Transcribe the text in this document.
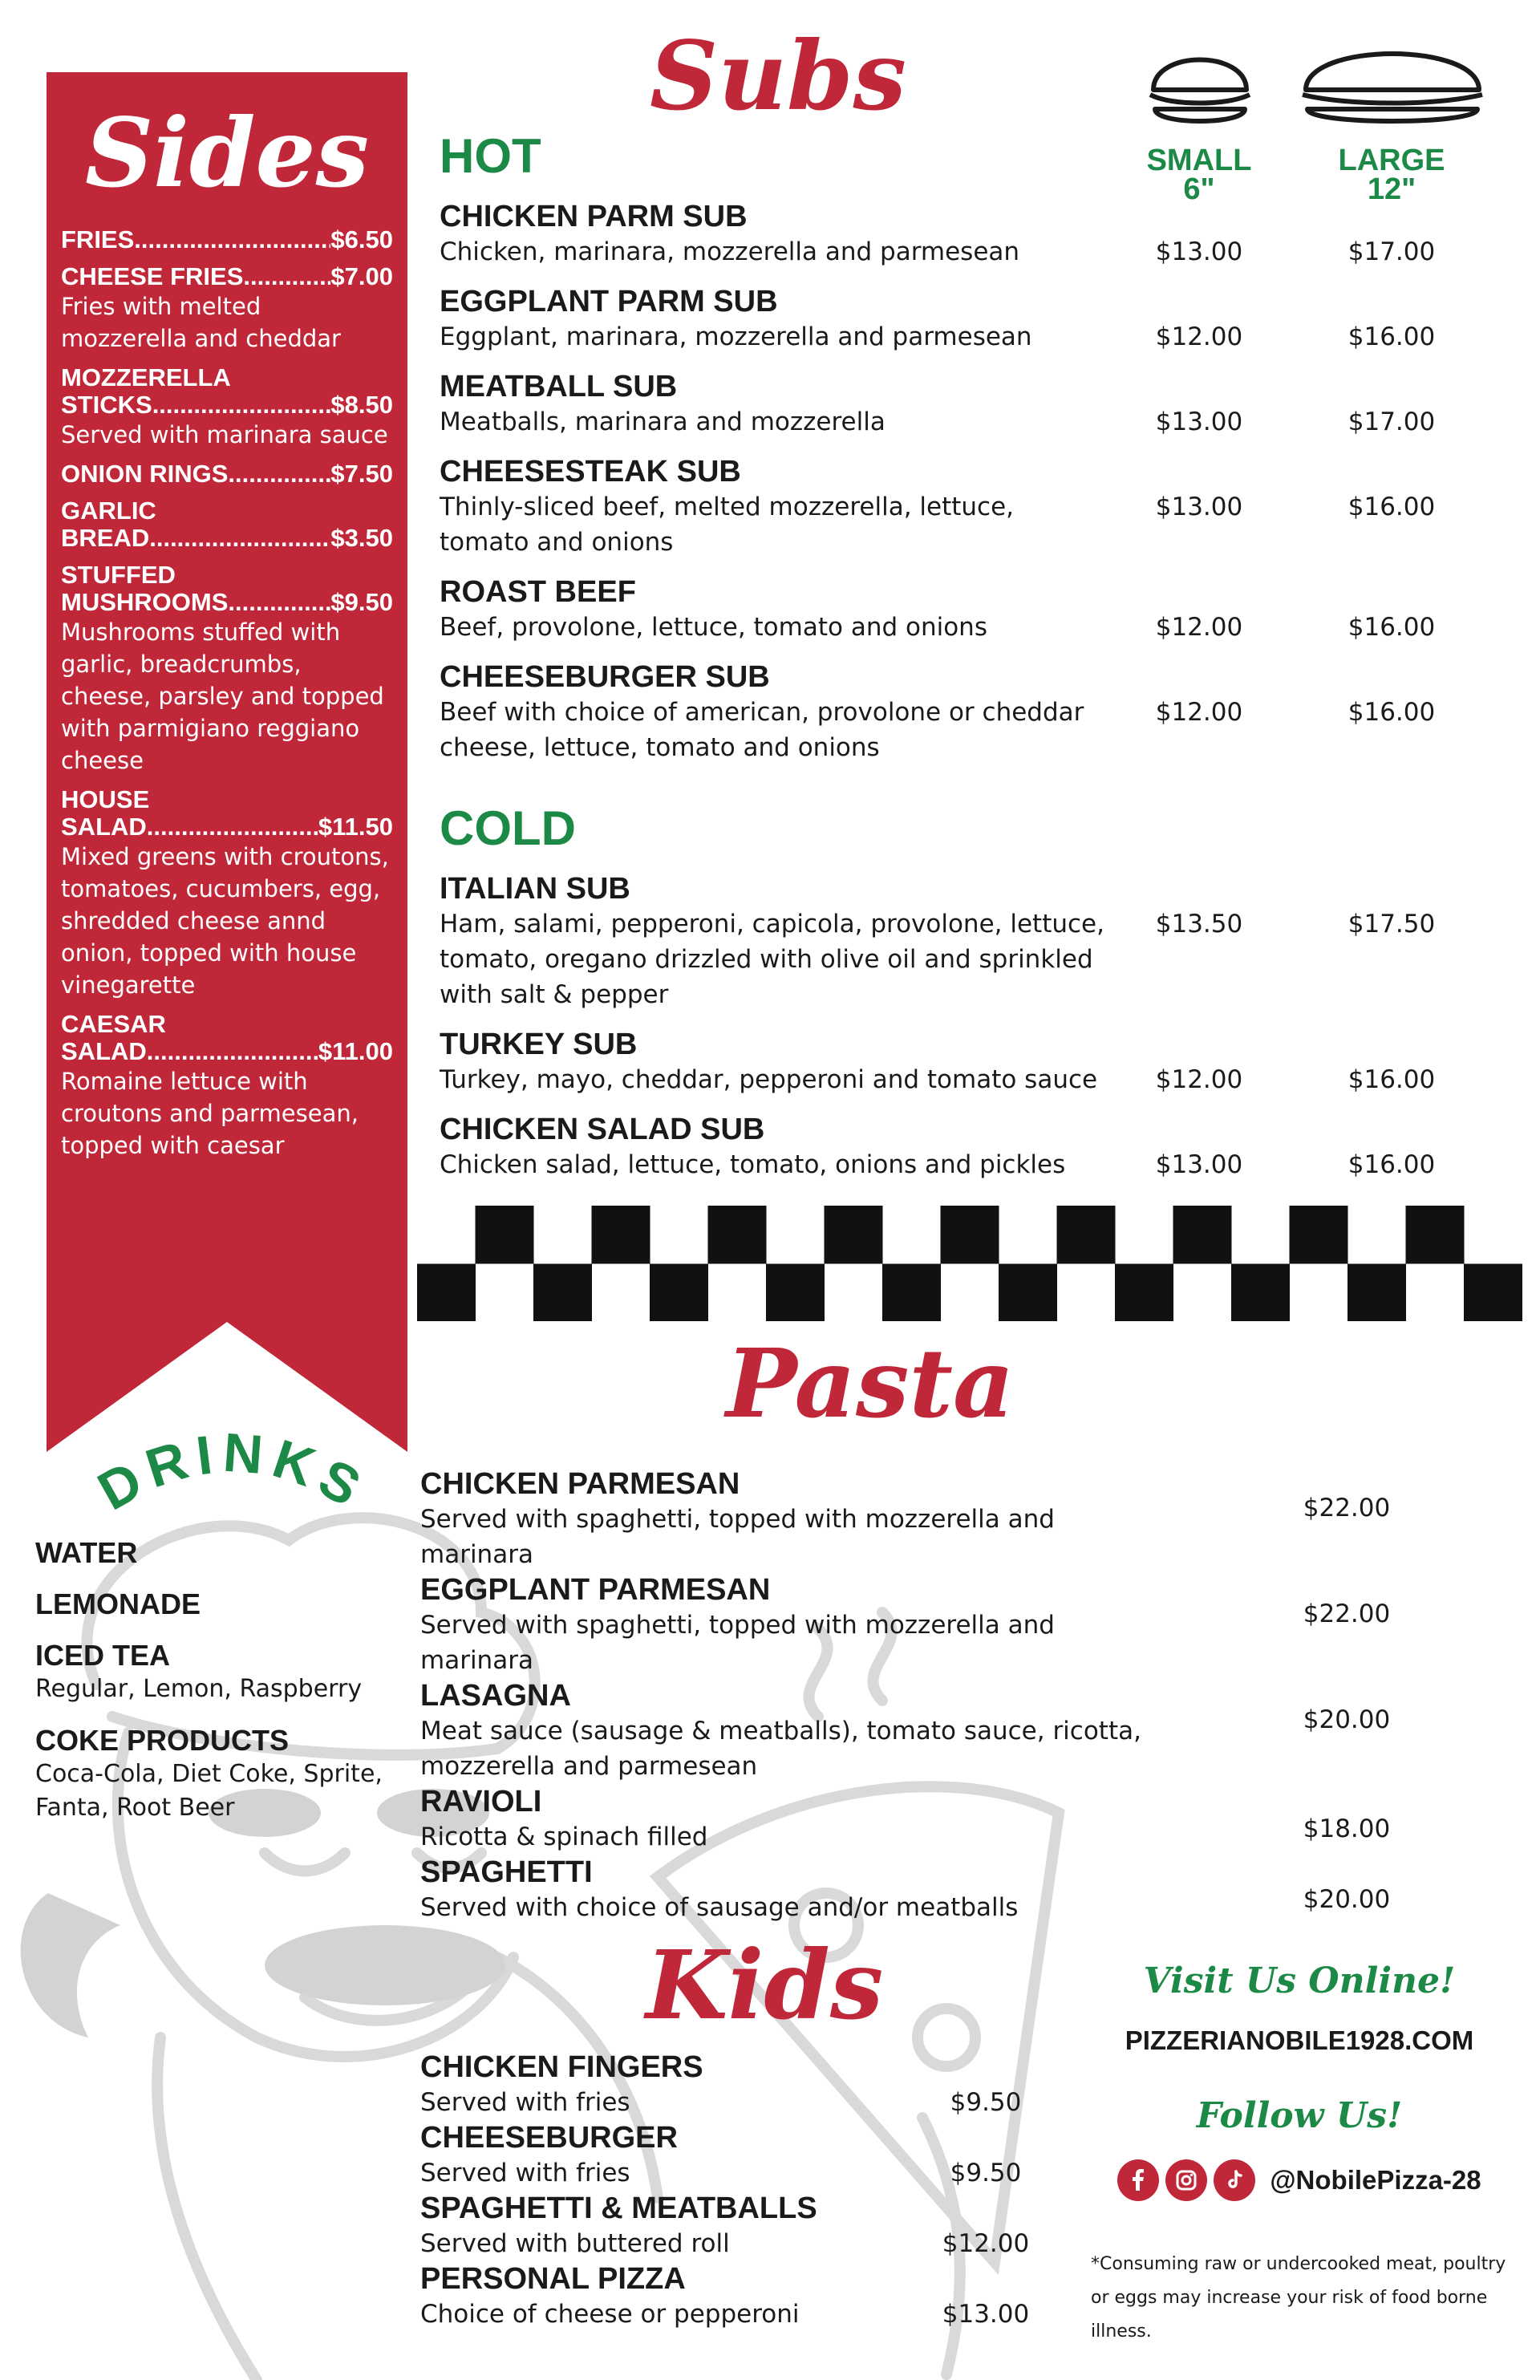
Sides
FRIES .....	$6.50
CHEESE FRIES .....	$7.00
Fries with melted mozzerella and cheddar
MOZZERELLA
STICKS .....	$8.50
Served with marinara sauce
ONION RINGS .....	$7.50
GARLIC
BREAD .....	$3.50
STUFFED
MUSHROOMS .....	$9.50
Mushrooms stuffed with garlic, breadcrumbs, cheese, parsley and topped with parmigiano reggiano cheese
HOUSE
SALAD .....	$11.50
Mixed greens with croutons, tomatoes, cucumbers, egg, shredded cheese annd onion, topped with house vinegarette
CAESAR
SALAD .....	$11.00
Romaine lettuce with croutons and parmesean, topped with caesar
DRINKS
WATER
LEMONADE
ICED TEA
Regular, Lemon, Raspberry
COKE PRODUCTS
Coca-Cola, Diet Coke, Sprite, Fanta, Root Beer
Subs
HOT	SMALL
6"
LARGE
12"
CHICKEN PARM SUB
Chicken, marinara, mozzerella and parmesean	$13.00	$17.00
EGGPLANT PARM SUB
Eggplant, marinara, mozzerella and parmesean	$12.00	$16.00
MEATBALL SUB
Meatballs, marinara and mozzerella	$13.00	$17.00
CHEESESTEAK SUB
Thinly-sliced beef, melted mozzerella, lettuce, tomato and onions
$13.00	$16.00
ROAST BEEF
Beef, provolone, lettuce, tomato and onions	$12.00	$16.00
CHEESEBURGER SUB
Beef with choice of american, provolone or cheddar cheese, lettuce, tomato and onions
$12.00	$16.00
COLD
ITALIAN SUB
Ham, salami, pepperoni, capicola, provolone, lettuce, tomato, oregano drizzled with olive oil and sprinkled with salt & pepper
$13.50	$17.50
TURKEY SUB
Turkey, mayo, cheddar, pepperoni and tomato sauce	$12.00	$16.00
CHICKEN SALAD SUB
Chicken salad, lettuce, tomato, onions and pickles	$13.00	$16.00
Pasta
CHICKEN PARMESAN
Served with spaghetti, topped with mozzerella and marinara
$22.00
EGGPLANT PARMESAN
Served with spaghetti, topped with mozzerella and marinara
$22.00
LASAGNA
Meat sauce (sausage & meatballs), tomato sauce, ricotta, mozzerella and parmesean
$20.00
RAVIOLI
Ricotta & spinach filled	$18.00
SPAGHETTI
Served with choice of sausage and/or meatballs	$20.00
Kids
CHICKEN FINGERS
Served with fries	$9.50
CHEESEBURGER
Served with fries	$9.50
SPAGHETTI & MEATBALLS
Served with buttered roll	$12.00
PERSONAL PIZZA
Choice of cheese or pepperoni	$13.00
Visit Us Online!
PIZZERIANOBILE1928.COM
Follow Us!
@NobilePizza-28
*Consuming raw or undercooked meat, poultry or eggs may increase your risk of food borne illness.
